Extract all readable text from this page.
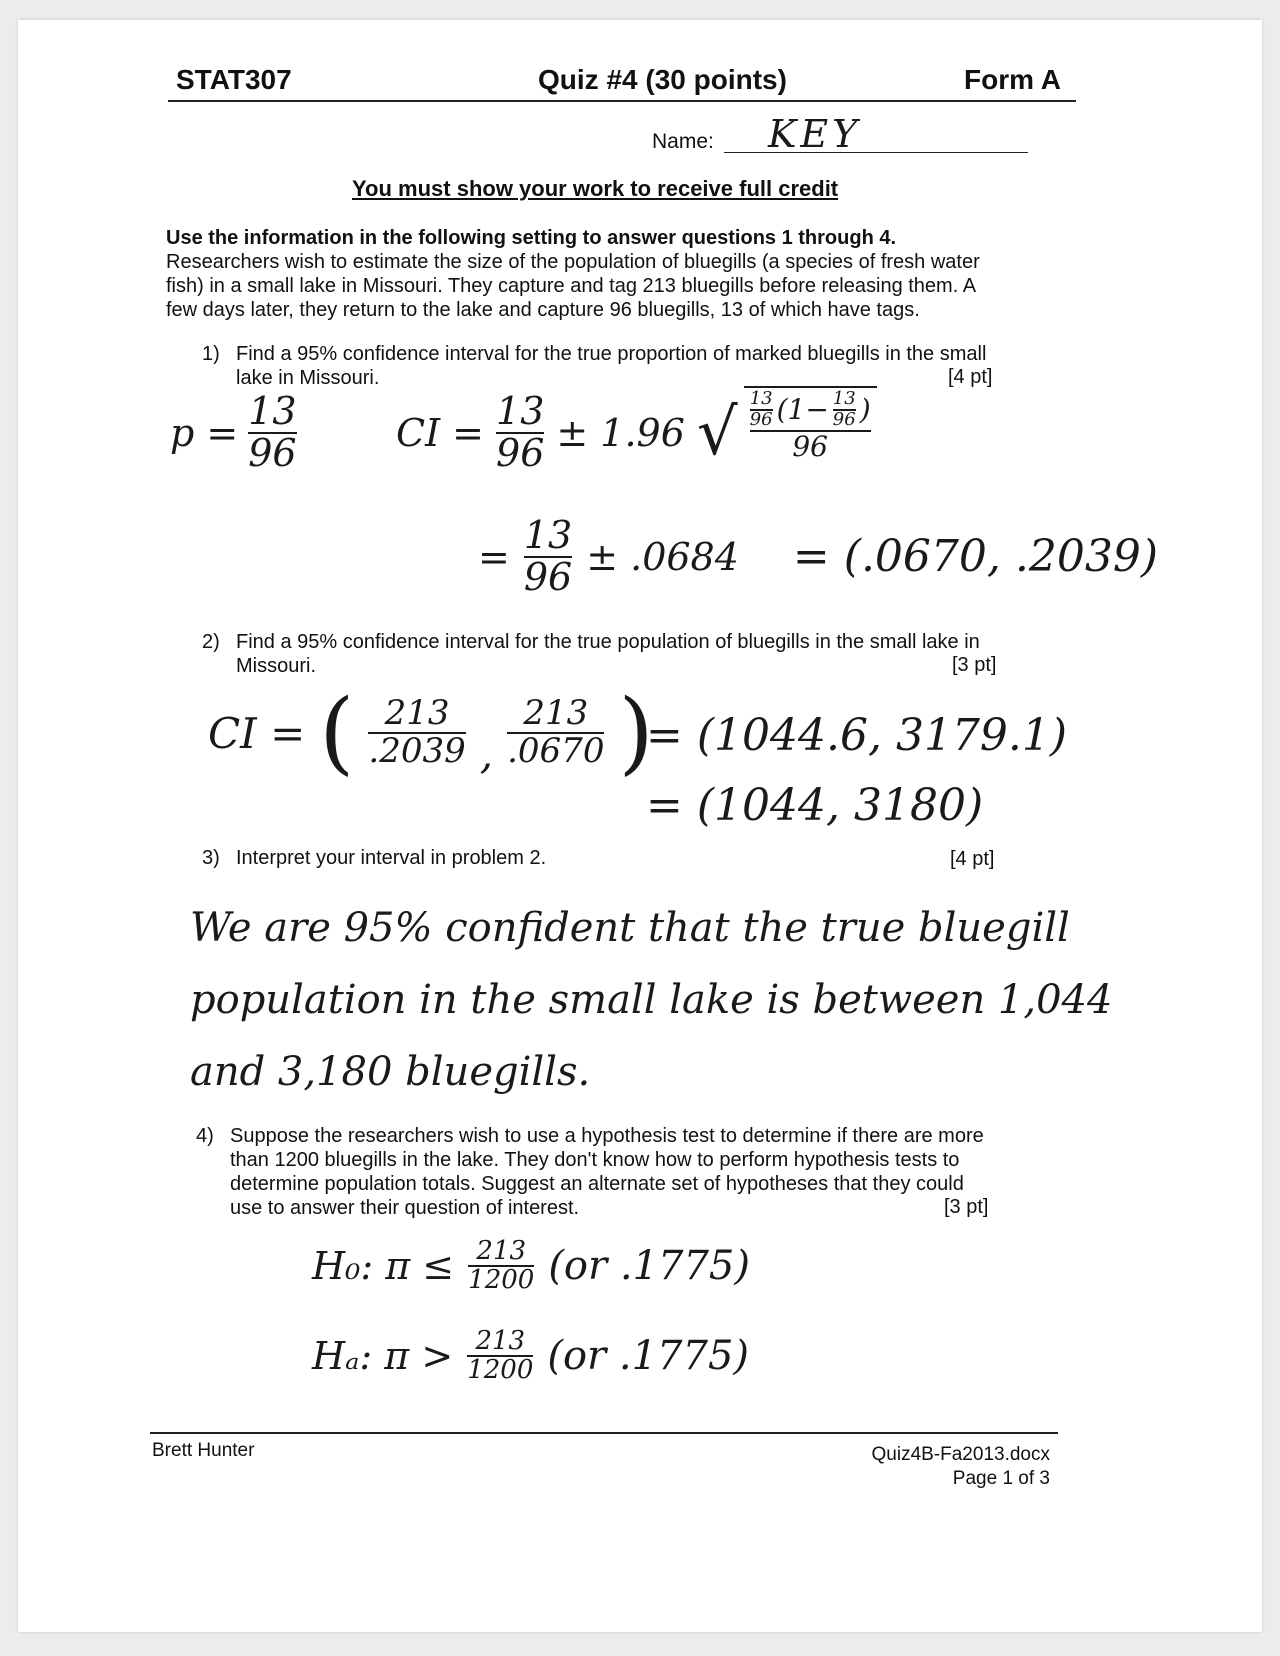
STAT307	Quiz #4 (30 points)	Form A
Name: KEY
You must show your work to receive full credit
Use the information in the following setting to answer questions 1 through 4.
Researchers wish to estimate the size of the population of bluegills (a species of fresh water
fish) in a small lake in Missouri. They capture and tag 213 bluegills before releasing them. A
few days later, they return to the lake and capture 96 bluegills, 13 of which have tags.
1) Find a 95% confidence interval for the true proportion of marked bluegills in the small
lake in Missouri.	[4 pt]
$p = \frac{13}{96}$	CI = $\frac{13}{96} \pm 1.96$ √ $\frac{13}{96} (1- \frac{13}{96}$ )
96
= $\frac{13}{96} \pm .0684 = (.0670$, .2039)
2) Find a 95% confidence interval for the true population of bluegills in the small lake in
Missouri.	[3 pt]
CI = ( $\frac{213}{.2039}$ , $\frac{213}{.0670}$ )
= (1044.6, 3179.1)
= (1044, 3180)
3) Interpret your interval in problem 2.	[4 pt]
We are 95% confident that the true bluegill
population in the small lake is between 1,044
and 3,180 bluegills.
4) Suppose the researchers wish to use a hypothesis test to determine if there are more
than 1200 bluegills in the lake. They don't know how to perform hypothesis tests to
determine population totals. Suggest an alternate set of hypotheses that they could
use to answer their question of interest.	[3 pt]
H₀: $\pi \le \frac{213}{1200} (or$ .1775)
Hₐ: $\pi > \frac{213}{1200} (or$ .1775)
Brett Hunter	Quiz4B-Fa2013.docx
Page 1 of 3
